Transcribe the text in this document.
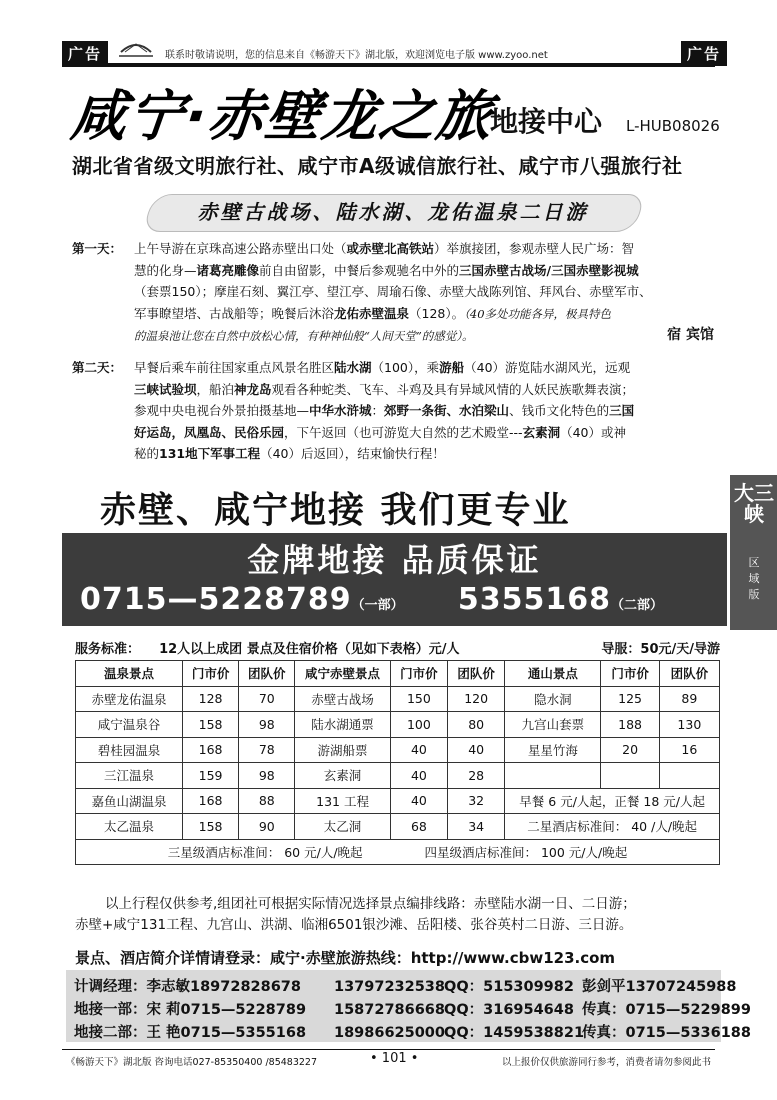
广告	联系时敬请说明，您的信息来自《畅游天下》湖北版，欢迎浏览电子版 www.zyoo.net	广告
咸宁·赤壁龙之旅
地接中心 L-HUB08026
湖北省省级文明旅行社、咸宁市A级诚信旅行社、咸宁市八强旅行社
赤壁古战场、陆水湖、龙佑温泉二日游
第一天： 上午导游在京珠高速公路赤壁出口处（或赤壁北高铁站）举旗接团，参观赤壁人民广场：智
慧的化身—诸葛亮雕像前自由留影，中餐后参观驰名中外的三国赤壁古战场/三国赤壁影视城
（套票150）；摩崖石刻、翼江亭、望江亭、周瑜石像、赤壁大战陈列馆、拜风台、赤壁军市、
军事瞭望塔、古战船等；晚餐后沐浴龙佑赤壁温泉（128）。（40多处功能各异，极具特色
的温泉池让您在自然中放松心情，有种神仙般“人间天堂”的感觉）。	宿 宾馆
第二天： 早餐后乘车前往国家重点风景名胜区陆水湖（100），乘游船（40）游览陆水湖风光，远观
三峡试验坝，船泊神龙岛观看各种蛇类、飞车、斗鸡及具有异域风情的人妖民族歌舞表演；
参观中央电视台外景拍摄基地—中华水浒城：郊野一条街、水泊梁山、钱币文化特色的三国
好运岛，凤凰岛、民俗乐园，下午返回（也可游览大自然的艺术殿堂---玄素洞（40）或神
秘的131地下军事工程（40）后返回），结束愉快行程！
赤壁、咸宁地接 我们更专业
金牌地接 品质保证
0715—5228789（一部） 5355168（二部）
大三峡
区
域
版
服务标准： 12人以上成团 景点及住宿价格（见如下表格）元/人	导服：50元/天/导游
温泉景点	门市价	团队价	咸宁赤壁景点	门市价	团队价	通山景点	门市价	团队价
赤壁龙佑温泉	128	70	赤壁古战场	150	120	隐水洞	125	89
咸宁温泉谷	158	98	陆水湖通票	100	80	九宫山套票	188	130
碧桂园温泉	168	78	游湖船票	40	40	星星竹海	20	16
三江温泉	159	98	玄素洞	40	28			
嘉鱼山湖温泉	168	88	131 工程	40	32	早餐 6 元/人起，正餐 18 元/人起		
太乙温泉	158	90	太乙洞	68	34	二星酒店标准间： 40 /人/晚起		
三星级酒店标准间： 60 元/人/晚起 四星级酒店标准间： 100 元/人/晚起								
以上行程仅供参考,组团社可根据实际情况选择景点编排线路：赤壁陆水湖一日、二日游；
赤壁+咸宁131工程、九宫山、洪湖、临湘6501银沙滩、岳阳楼、张谷英村二日游、三日游。
景点、酒店简介详情请登录：咸宁·赤壁旅游热线：http://www.cbw123.com
计调经理：李志敏18972828678 13797232538QQ：515309982 彭剑平13707245988
地接一部：宋 莉0715—5228789 15872786668QQ：316954648 传真：0715—5229899
地接二部：王 艳0715—5355168 18986625000QQ：1459538821传真：0715—5336188
《畅游天下》湖北版 咨询电话027-85350400 /85483227	• 101 •	以上报价仅供旅游同行参考，消费者请勿参阅此书
